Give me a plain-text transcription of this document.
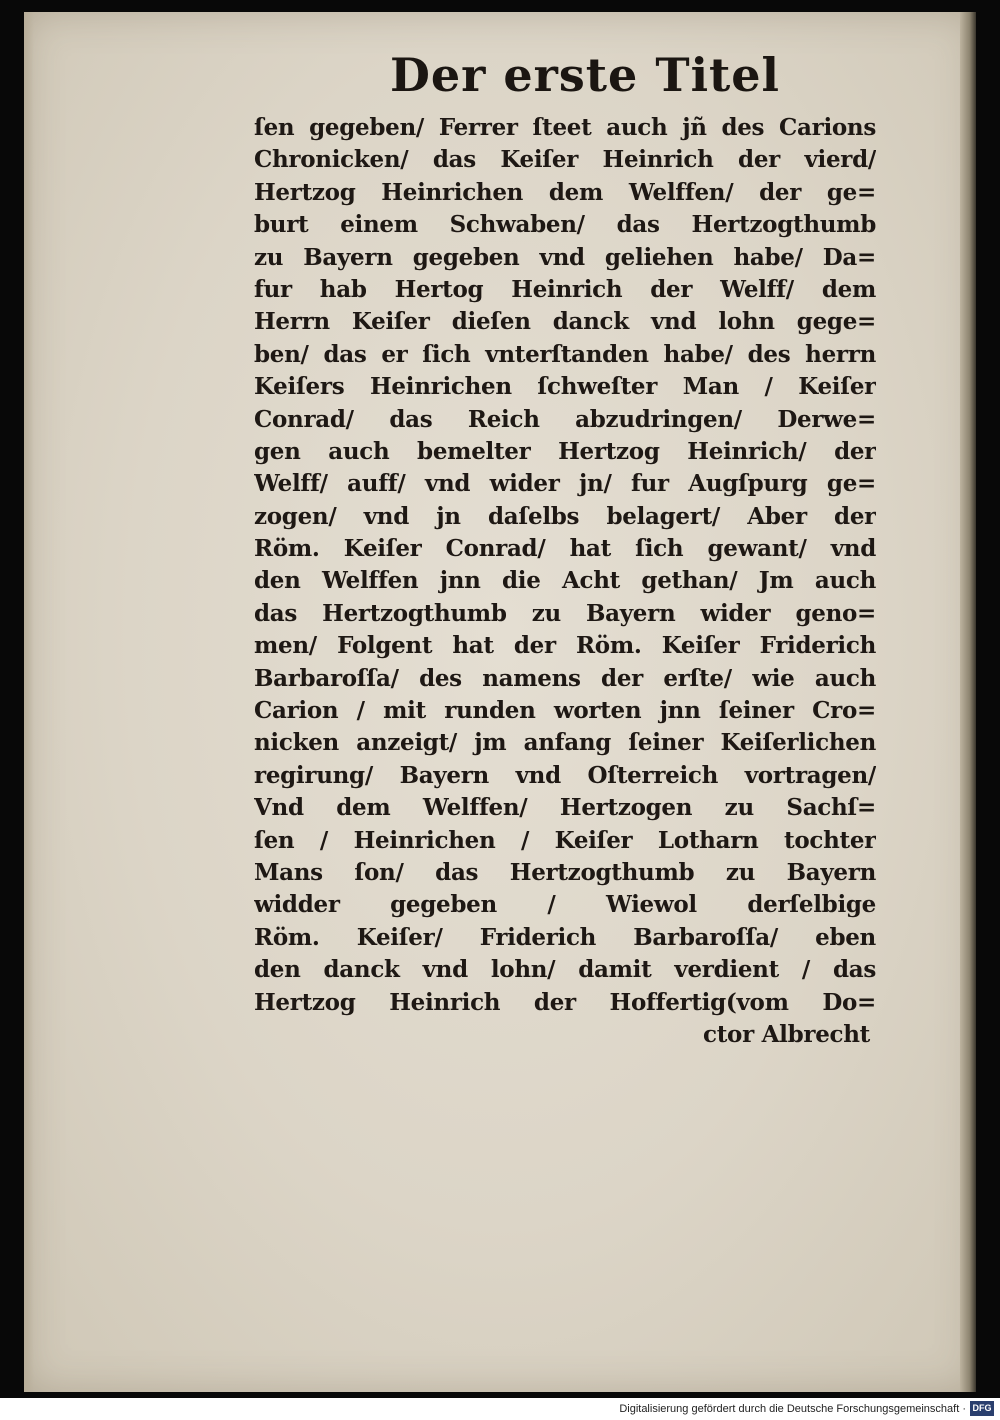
Der erste Titel
ſen gegeben/ Ferrer ſteet auch jñ des Carions
Chronicken/ das Keiſer Heinrich der vierd/
Hertzog Heinrichen dem Welffen/ der ge=
burt einem Schwaben/ das Hertzogthumb
zu Bayern gegeben vnd geliehen habe/ Da=
fur hab Hertog Heinrich der Welff/ dem
Herrn Keiſer dieſen danck vnd lohn gege=
ben/ das er ſich vnterſtanden habe/ des herrn
Keiſers Heinrichen ſchweſter Man / Keiſer
Conrad/ das Reich abzudringen/ Derwe=
gen auch bemelter Hertzog Heinrich/ der
Welff/ auff/ vnd wider jn/ fur Augſpurg ge=
zogen/ vnd jn daſelbs belagert/ Aber der
Röm. Keiſer Conrad/ hat ſich gewant/ vnd
den Welffen jnn die Acht gethan/ Jm auch
das Hertzogthumb zu Bayern wider geno=
men/ Folgent hat der Röm. Keiſer Friderich
Barbaroſſa/ des namens der erſte/ wie auch
Carion / mit runden worten jnn ſeiner Cro=
nicken anzeigt/ jm anfang ſeiner Keiſerlichen
regirung/ Bayern vnd Oſterreich vortragen/
Vnd dem Welffen/ Hertzogen zu Sachſ=
ſen / Heinrichen / Keiſer Lotharn tochter
Mans ſon/ das Hertzogthumb zu Bayern
widder gegeben / Wiewol derſelbige
Röm. Keiſer/ Friderich Barbaroſſa/ eben
den danck vnd lohn/ damit verdient / das
Hertzog Heinrich der Hoffertig(vom Do=
ctor Albrecht
Digitalisierung gefördert durch die Deutsche Forschungsgemeinschaft · DFG
